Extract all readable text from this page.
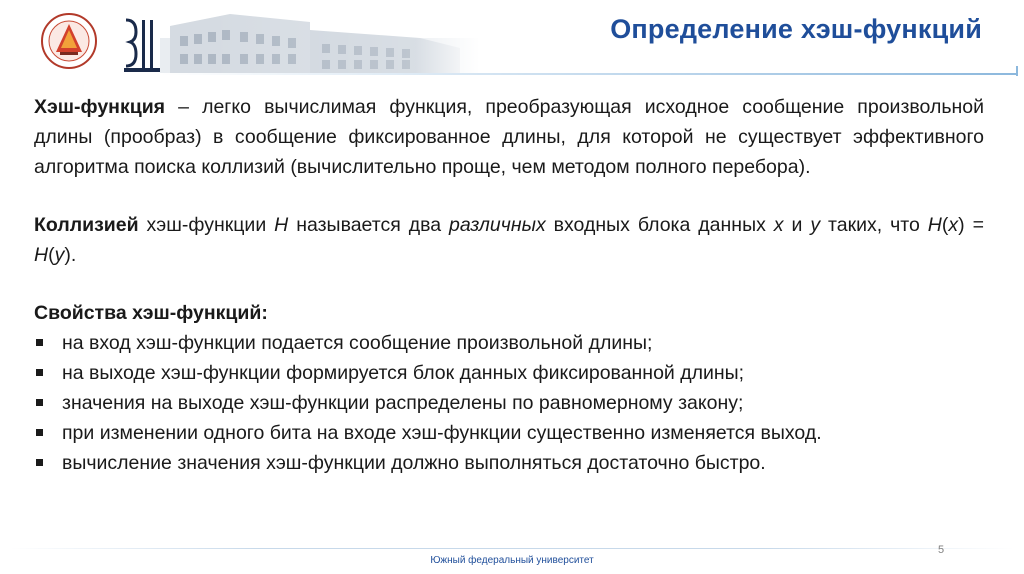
Определение хэш-функций

Хэш-функция – легко вычислимая функция, преобразующая исходное сообщение произвольной длины (прообраз) в сообщение фиксированное длины, для которой не существует эффективного алгоритма поиска коллизий (вычислительно проще, чем методом полного перебора).

Коллизией хэш-функции H называется два различных входных блока данных x и y таких, что H(x) = H(y).

Свойства хэш-функций:
на вход хэш-функции подается сообщение произвольной длины;
на выходе хэш-функции формируется блок данных фиксированной длины;
значения на выходе хэш-функции распределены по равномерному закону;
при изменении одного бита на входе хэш-функции существенно изменяется выход.
вычисление значения хэш-функции должно выполняться достаточно быстро.
5
Южный федеральный университет
